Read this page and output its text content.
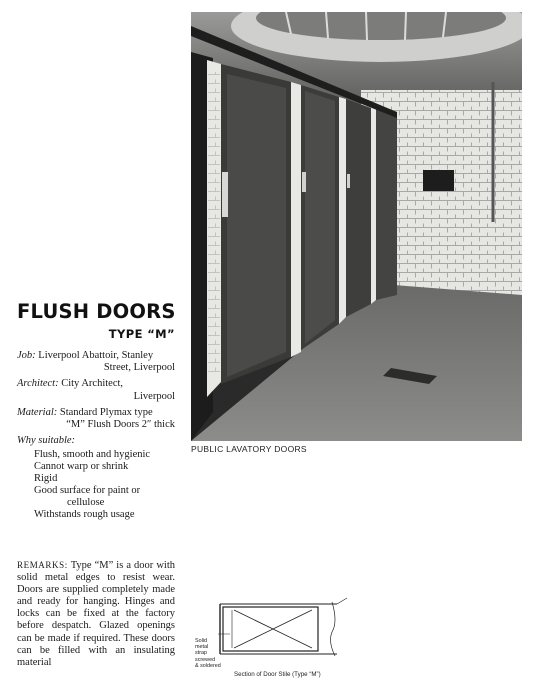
PUBLIC LAVATORY DOORS
FLUSH DOORS
TYPE “M”
Job: Liverpool Abattoir, Stanley
Street, Liverpool
Architect: City Architect,
Liverpool
Material: Standard Plymax type
“M” Flush Doors 2″ thick
Why suitable:
Flush, smooth and hygienic
Cannot warp or shrink
Rigid
Good surface for paint or
cellulose
Withstands rough usage
REMARKS: Type “M” is a door with solid metal edges to resist wear. Doors are supplied completely made and ready for hanging. Hinges and locks can be fixed at the factory before despatch. Glazed openings can be made if required. These doors can be filled with an insulating material
Solid
metal
strap
screwed
& soldered
Section of Door Stile (Type “M”)
